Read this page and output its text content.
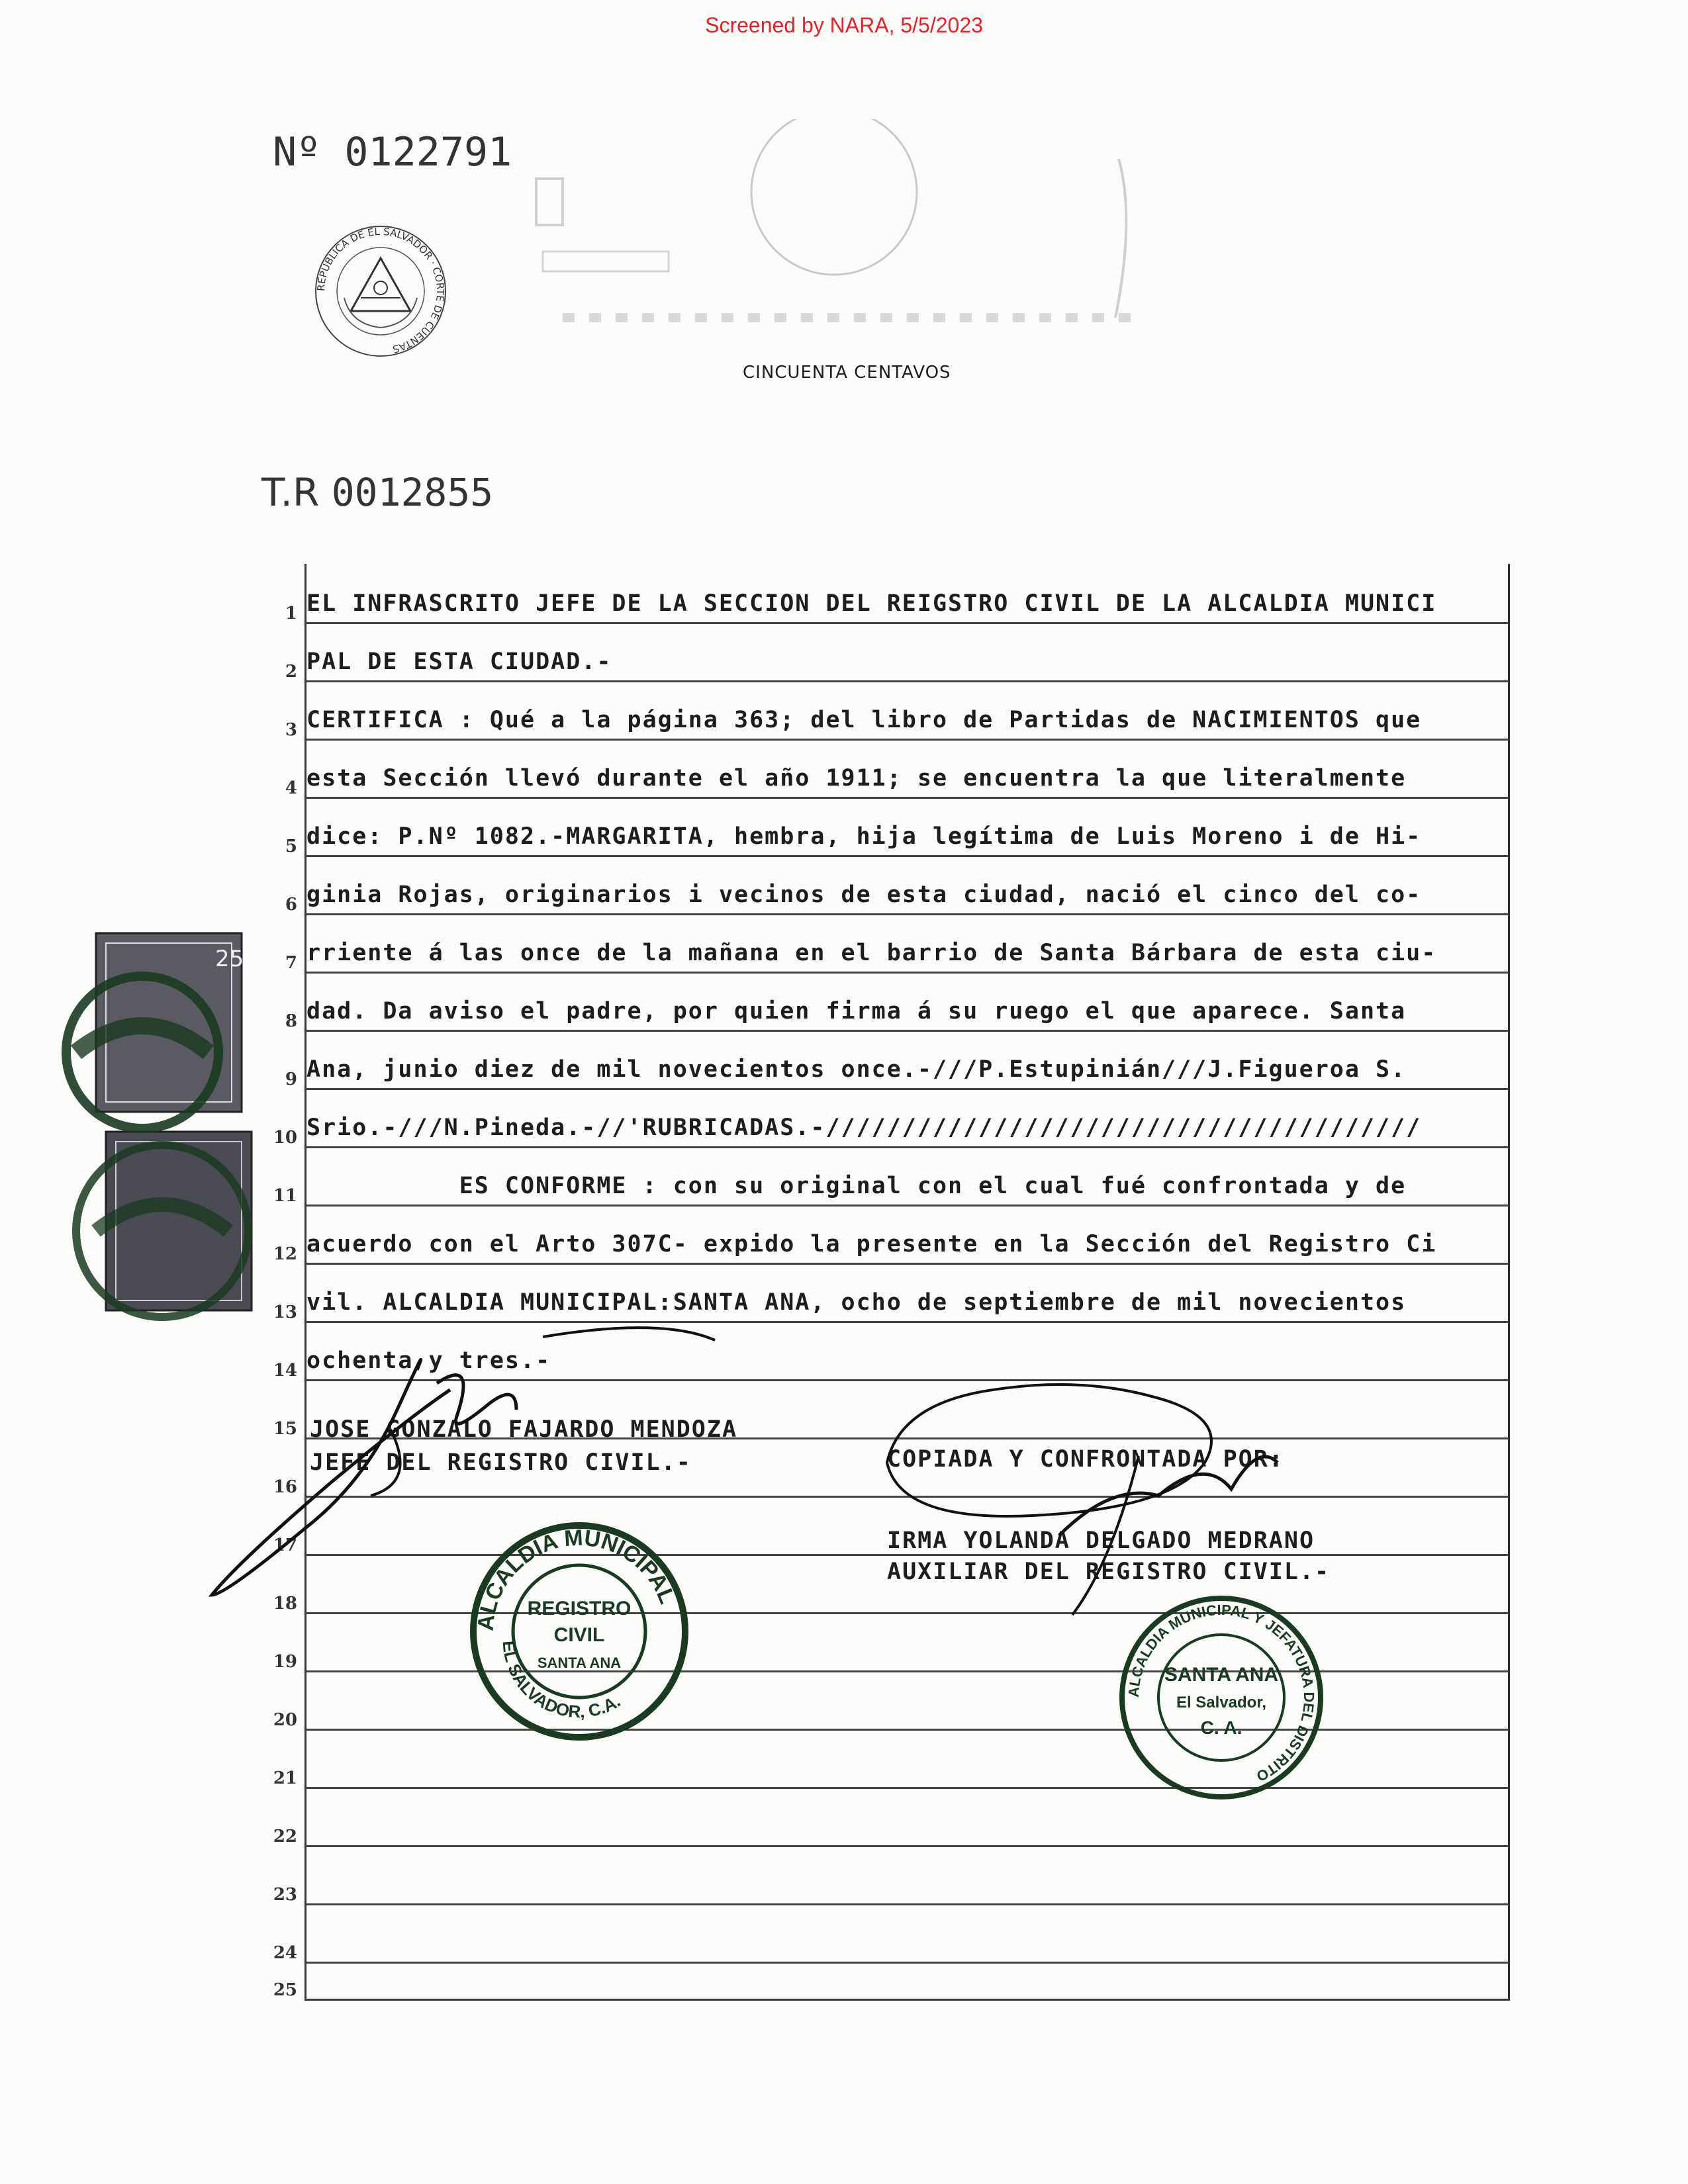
Screened by NARA, 5/5/2023
Nº 0122791
REPUBLICA DE EL SALVADOR · CORTE DE CUENTAS
CINCUENTA CENTAVOS
T.R 0012855
25
1 EL INFRASCRITO JEFE DE LA SECCION DEL REIGSTRO CIVIL DE LA ALCALDIA MUNICI
2 PAL DE ESTA CIUDAD.-
3 CERTIFICA : Qué a la página 363; del libro de Partidas de NACIMIENTOS que
4 esta Sección llevó durante el año 1911; se encuentra la que literalmente
5 dice: P.Nº 1082.-MARGARITA, hembra, hija legítima de Luis Moreno i de Hi-
6 ginia Rojas, originarios i vecinos de esta ciudad, nació el cinco del co-
7 rriente á las once de la mañana en el barrio de Santa Bárbara de esta ciu-
8 dad. Da aviso el padre, por quien firma á su ruego el que aparece. Santa
9 Ana, junio diez de mil novecientos once.-///P.Estupinián///J.Figueroa S.
10 Srio.-///N.Pineda.-//'RUBRICADAS.-///////////////////////////////////////
11 ES CONFORME : con su original con el cual fué confrontada y de
12 acuerdo con el Arto 307C- expido la presente en la Sección del Registro Ci
13 vil. ALCALDIA MUNICIPAL:SANTA ANA, ocho de septiembre de mil novecientos
14 ochenta y tres.-
15
16
17
18
19
20
21
22
23
24
25
JOSE GONZALO FAJARDO MENDOZA
JEFE DEL REGISTRO CIVIL.-	COPIADA Y CONFRONTADA POR:
IRMA YOLANDA DELGADO MEDRANO
AUXILIAR DEL REGISTRO CIVIL.-
ALCALDIA MUNICIPAL
EL SALVADOR, C.A.
REGISTRO
CIVIL
SANTA ANA
ALCALDIA MUNICIPAL Y JEFATURA DEL DISTRITO
SANTA ANA
El Salvador,
C. A.
